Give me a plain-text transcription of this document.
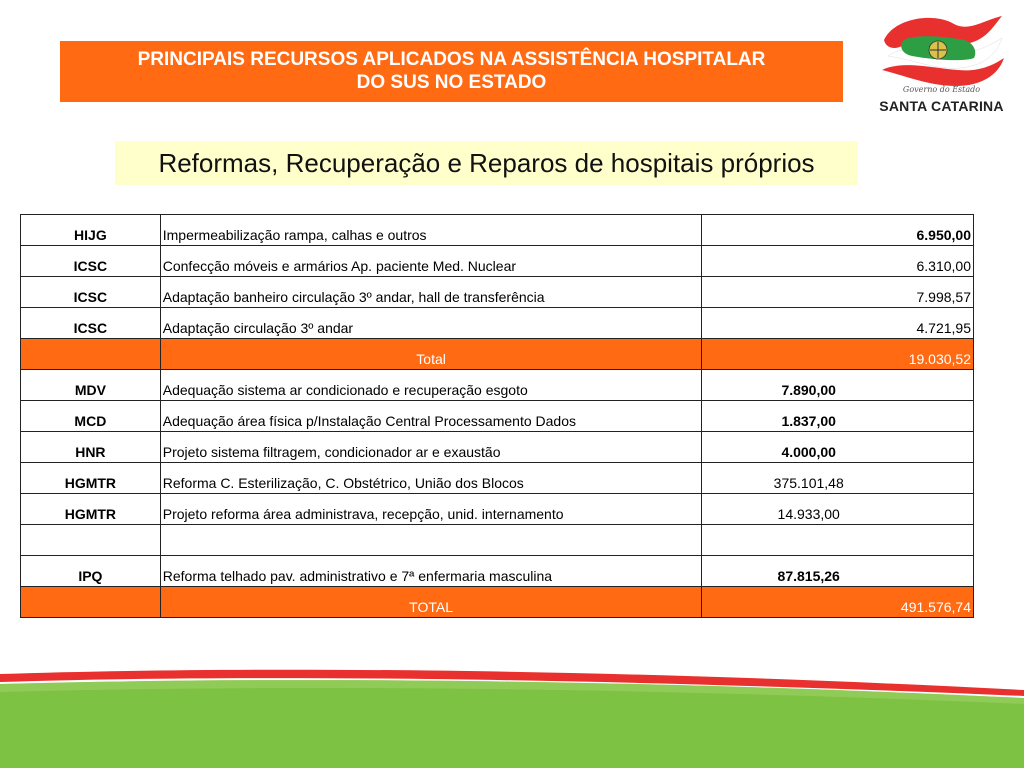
PRINCIPAIS RECURSOS APLICADOS NA ASSISTÊNCIA HOSPITALAR
DO SUS NO ESTADO	Governo do Estado
SANTA CATARINA
Reformas, Recuperação e Reparos de hospitais próprios
HIJG	Impermeabilização rampa, calhas e outros	6.950,00
ICSC	Confecção móveis e armários Ap. paciente Med. Nuclear	6.310,00
ICSC	Adaptação banheiro circulação 3º andar, hall de transferência	7.998,57
ICSC	Adaptação circulação 3º andar	4.721,95
	Total	19.030,52
MDV	Adequação sistema ar condicionado e recuperação esgoto	7.890,00
MCD	Adequação área física p/Instalação Central Processamento Dados	1.837,00
HNR	Projeto sistema filtragem, condicionador ar e exaustão	4.000,00
HGMTR	Reforma C. Esterilização, C. Obstétrico, União dos Blocos	375.101,48
HGMTR	Projeto reforma área administrava, recepção, unid. internamento	14.933,00

IPQ	Reforma telhado pav. administrativo e 7ª enfermaria masculina	87.815,26
	TOTAL	491.576,74
